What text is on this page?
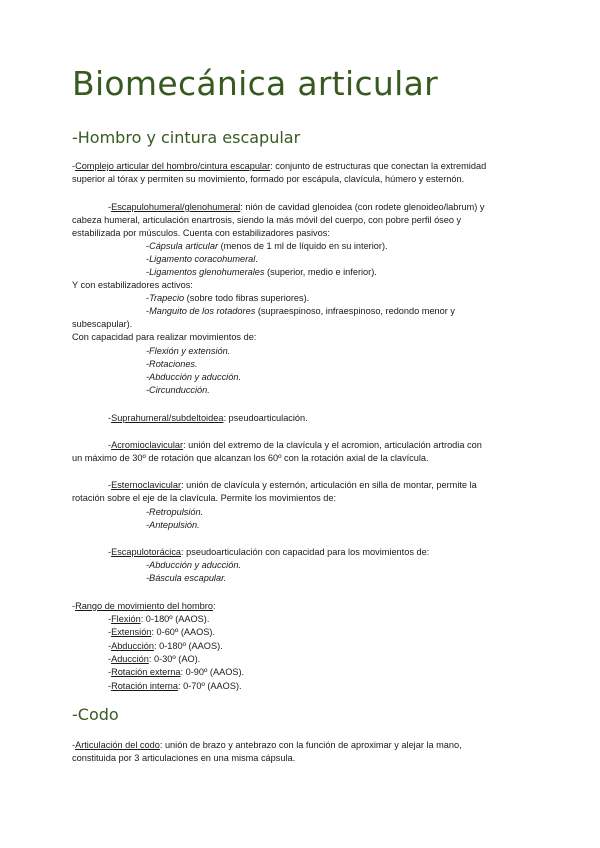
Biomecánica articular
-Hombro y cintura escapular

-Complejo articular del hombro/cintura escapular: conjunto de estructuras que conectan la extremidad

superior al tórax y permiten su movimiento, formado por escápula, clavícula, húmero y esternón.

-Escapulohumeral/glenohumeral: nión de cavidad glenoidea (con rodete glenoideo/labrum) y

cabeza humeral, articulación enartrosis, siendo la más móvil del cuerpo, con pobre perfil óseo y

estabilizada por músculos. Cuenta con estabilizadores pasivos:

-Cápsula articular (menos de 1 ml de líquido en su interior).

-Ligamento coracohumeral.

-Ligamentos glenohumerales (superior, medio e inferior).

Y con estabilizadores activos:

-Trapecio (sobre todo fibras superiores).

-Manguito de los rotadores (supraespinoso, infraespinoso, redondo menor y

subescapular).

Con capacidad para realizar movimientos de:

-Flexión y extensión.

-Rotaciones.

-Abducción y aducción.

-Circunducción.

-Suprahumeral/subdeltoidea: pseudoarticulación.

-Acromioclavicular: unión del extremo de la clavícula y el acromion, articulación artrodia con

un máximo de 30º de rotación que alcanzan los 60º con la rotación axial de la clavícula.

-Esternoclavicular: unión de clavícula y esternón, articulación en silla de montar, permite la

rotación sobre el eje de la clavícula. Permite los movimientos de:

-Retropulsión.

-Antepulsión.

-Escapulotorácica: pseudoarticulación con capacidad para los movimientos de:

-Abducción y aducción.

-Báscula escapular.

-Rango de movimiento del hombro:

-Flexión: 0-180º (AAOS).

-Extensión: 0-60º (AAOS).

-Abducción: 0-180º (AAOS).

-Aducción: 0-30º (AO).

-Rotación externa: 0-90º (AAOS).

-Rotación interna: 0-70º (AAOS).

-Codo

-Articulación del codo: unión de brazo y antebrazo con la función de aproximar y alejar la mano,

constituida por 3 articulaciones en una misma cápsula.
